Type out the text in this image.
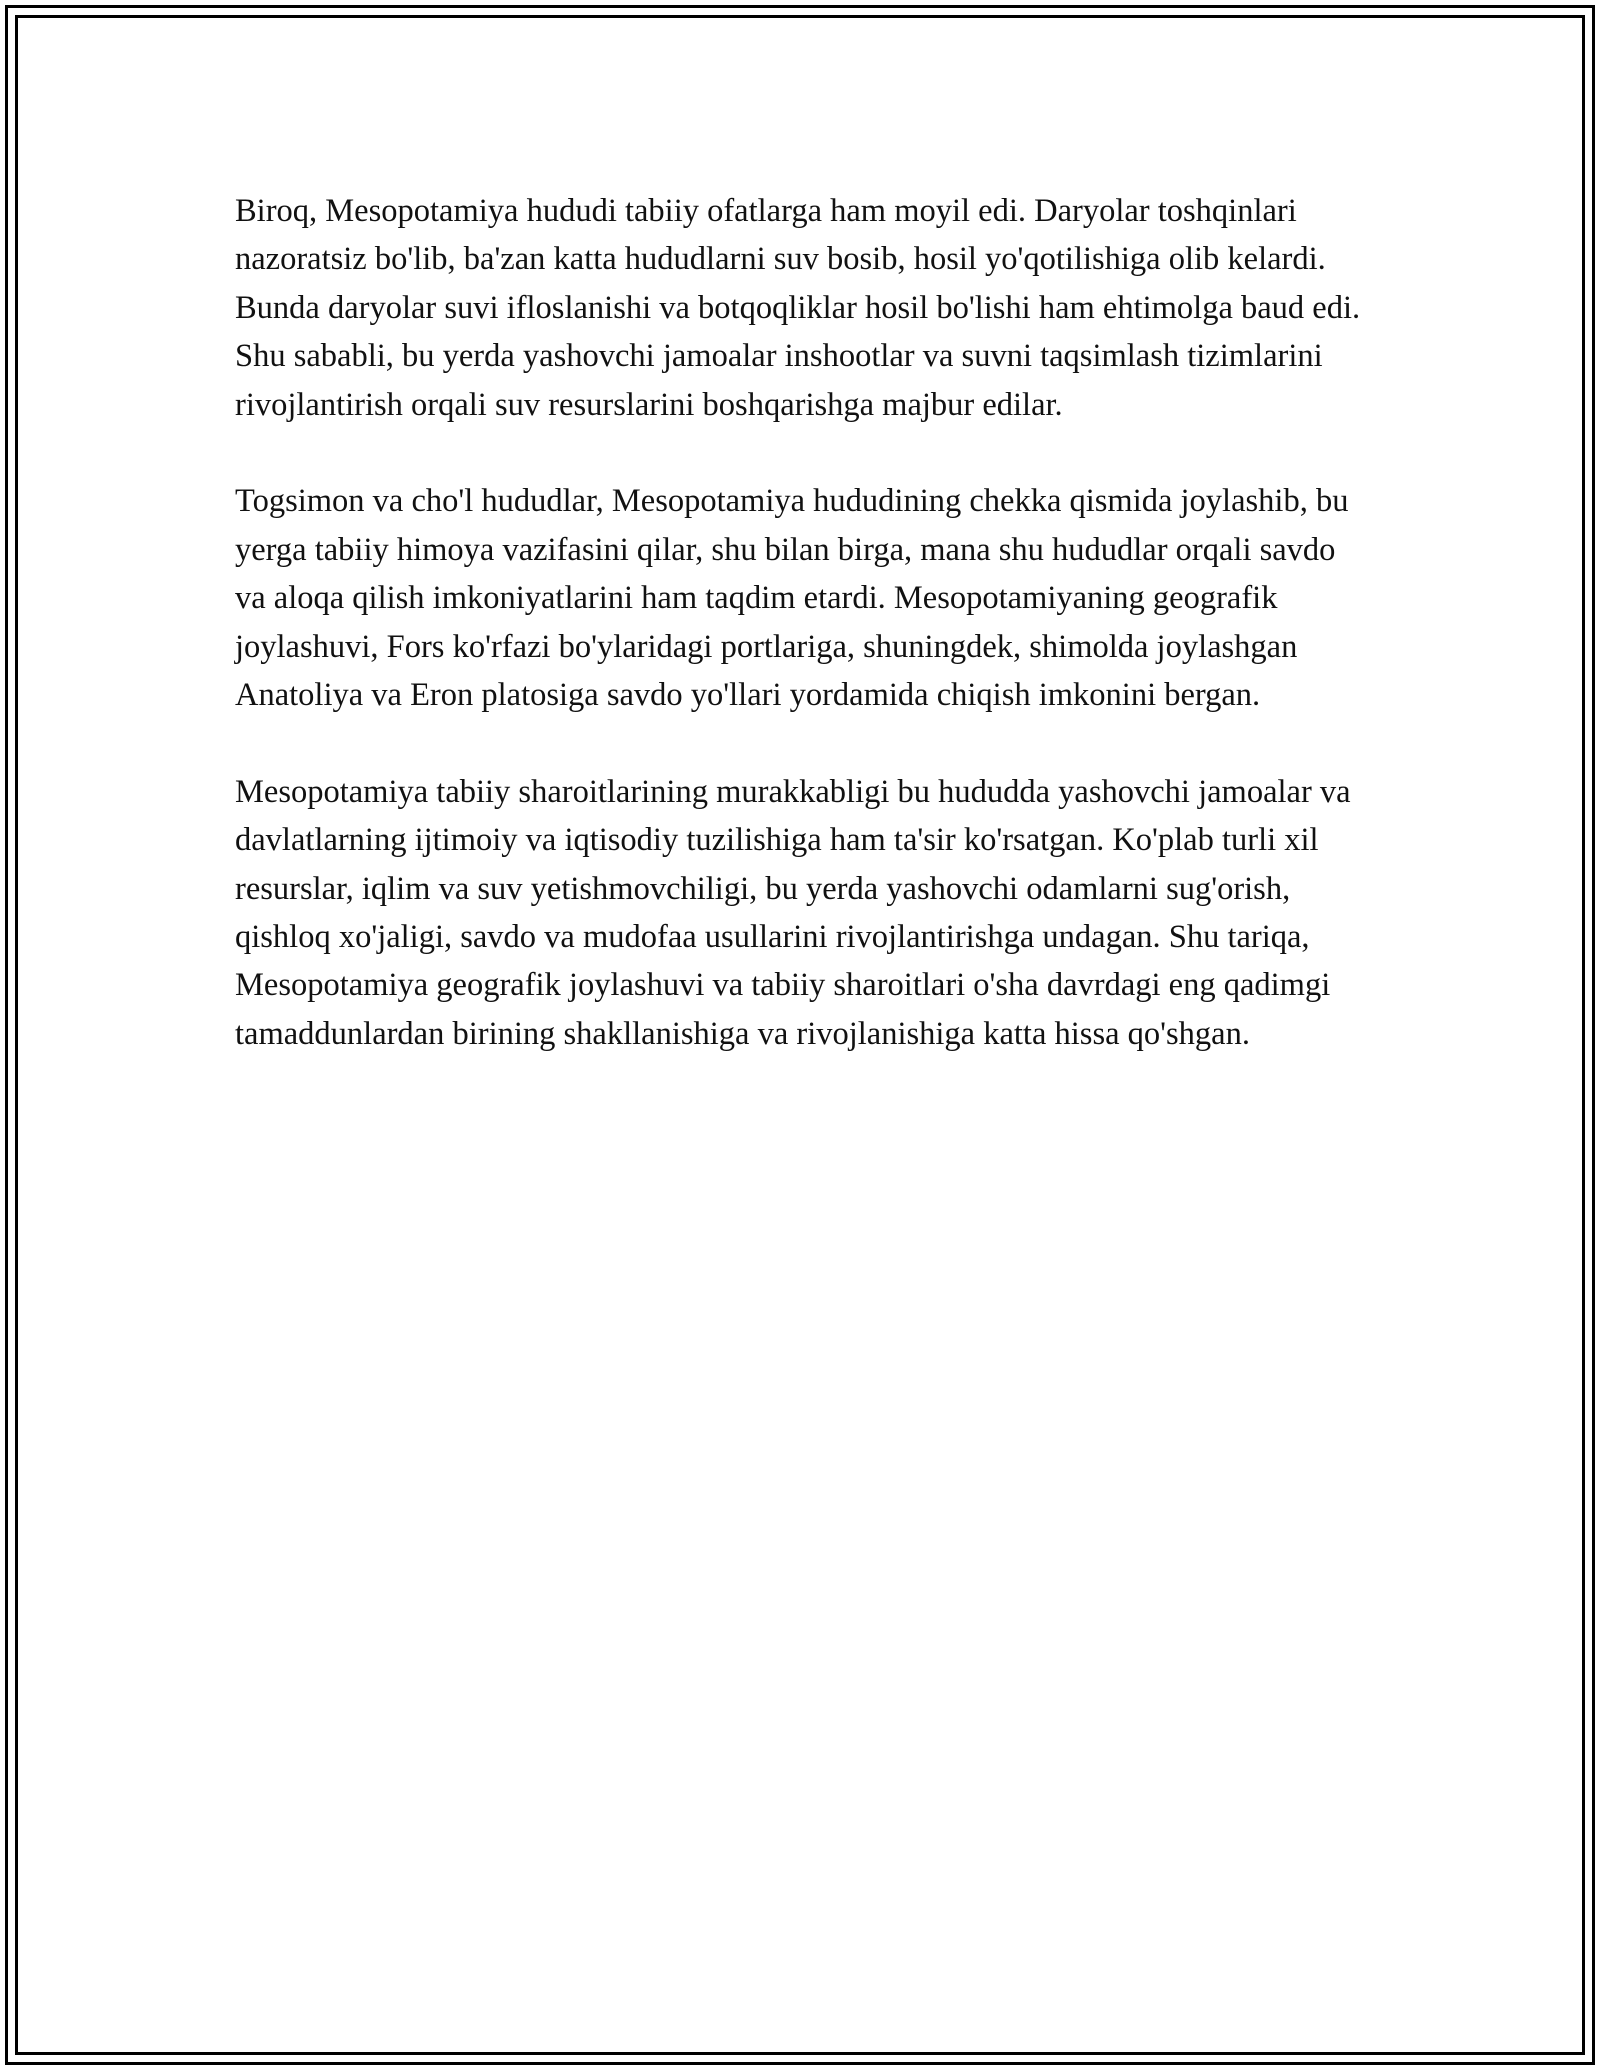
Biroq, Mesopotamiya hududi tabiiy ofatlarga ham moyil edi. Daryolar toshqinlari nazoratsiz bo'lib, ba'zan katta hududlarni suv bosib, hosil yo'qotilishiga olib kelardi. Bunda daryolar suvi ifloslanishi va botqoqliklar hosil bo'lishi ham ehtimolga baud edi. Shu sababli, bu yerda yashovchi jamoalar inshootlar va suvni taqsimlash tizimlarini rivojlantirish orqali suv resurslarini boshqarishga majbur edilar.

Togsimon va cho'l hududlar, Mesopotamiya hududining chekka qismida joylashib, bu yerga tabiiy himoya vazifasini qilar, shu bilan birga, mana shu hududlar orqali savdo va aloqa qilish imkoniyatlarini ham taqdim etardi. Mesopotamiyaning geografik joylashuvi, Fors ko'rfazi bo'ylaridagi portlariga, shuningdek, shimolda joylashgan Anatoliya va Eron platosiga savdo yo'llari yordamida chiqish imkonini bergan.

Mesopotamiya tabiiy sharoitlarining murakkabligi bu hududda yashovchi jamoalar va davlatlarning ijtimoiy va iqtisodiy tuzilishiga ham ta'sir ko'rsatgan. Ko'plab turli xil resurslar, iqlim va suv yetishmovchiligi, bu yerda yashovchi odamlarni sug'orish, qishloq xo'jaligi, savdo va mudofaa usullarini rivojlantirishga undagan. Shu tariqa, Mesopotamiya geografik joylashuvi va tabiiy sharoitlari o'sha davrdagi eng qadimgi tamaddunlardan birining shakllanishiga va rivojlanishiga katta hissa qo'shgan.
